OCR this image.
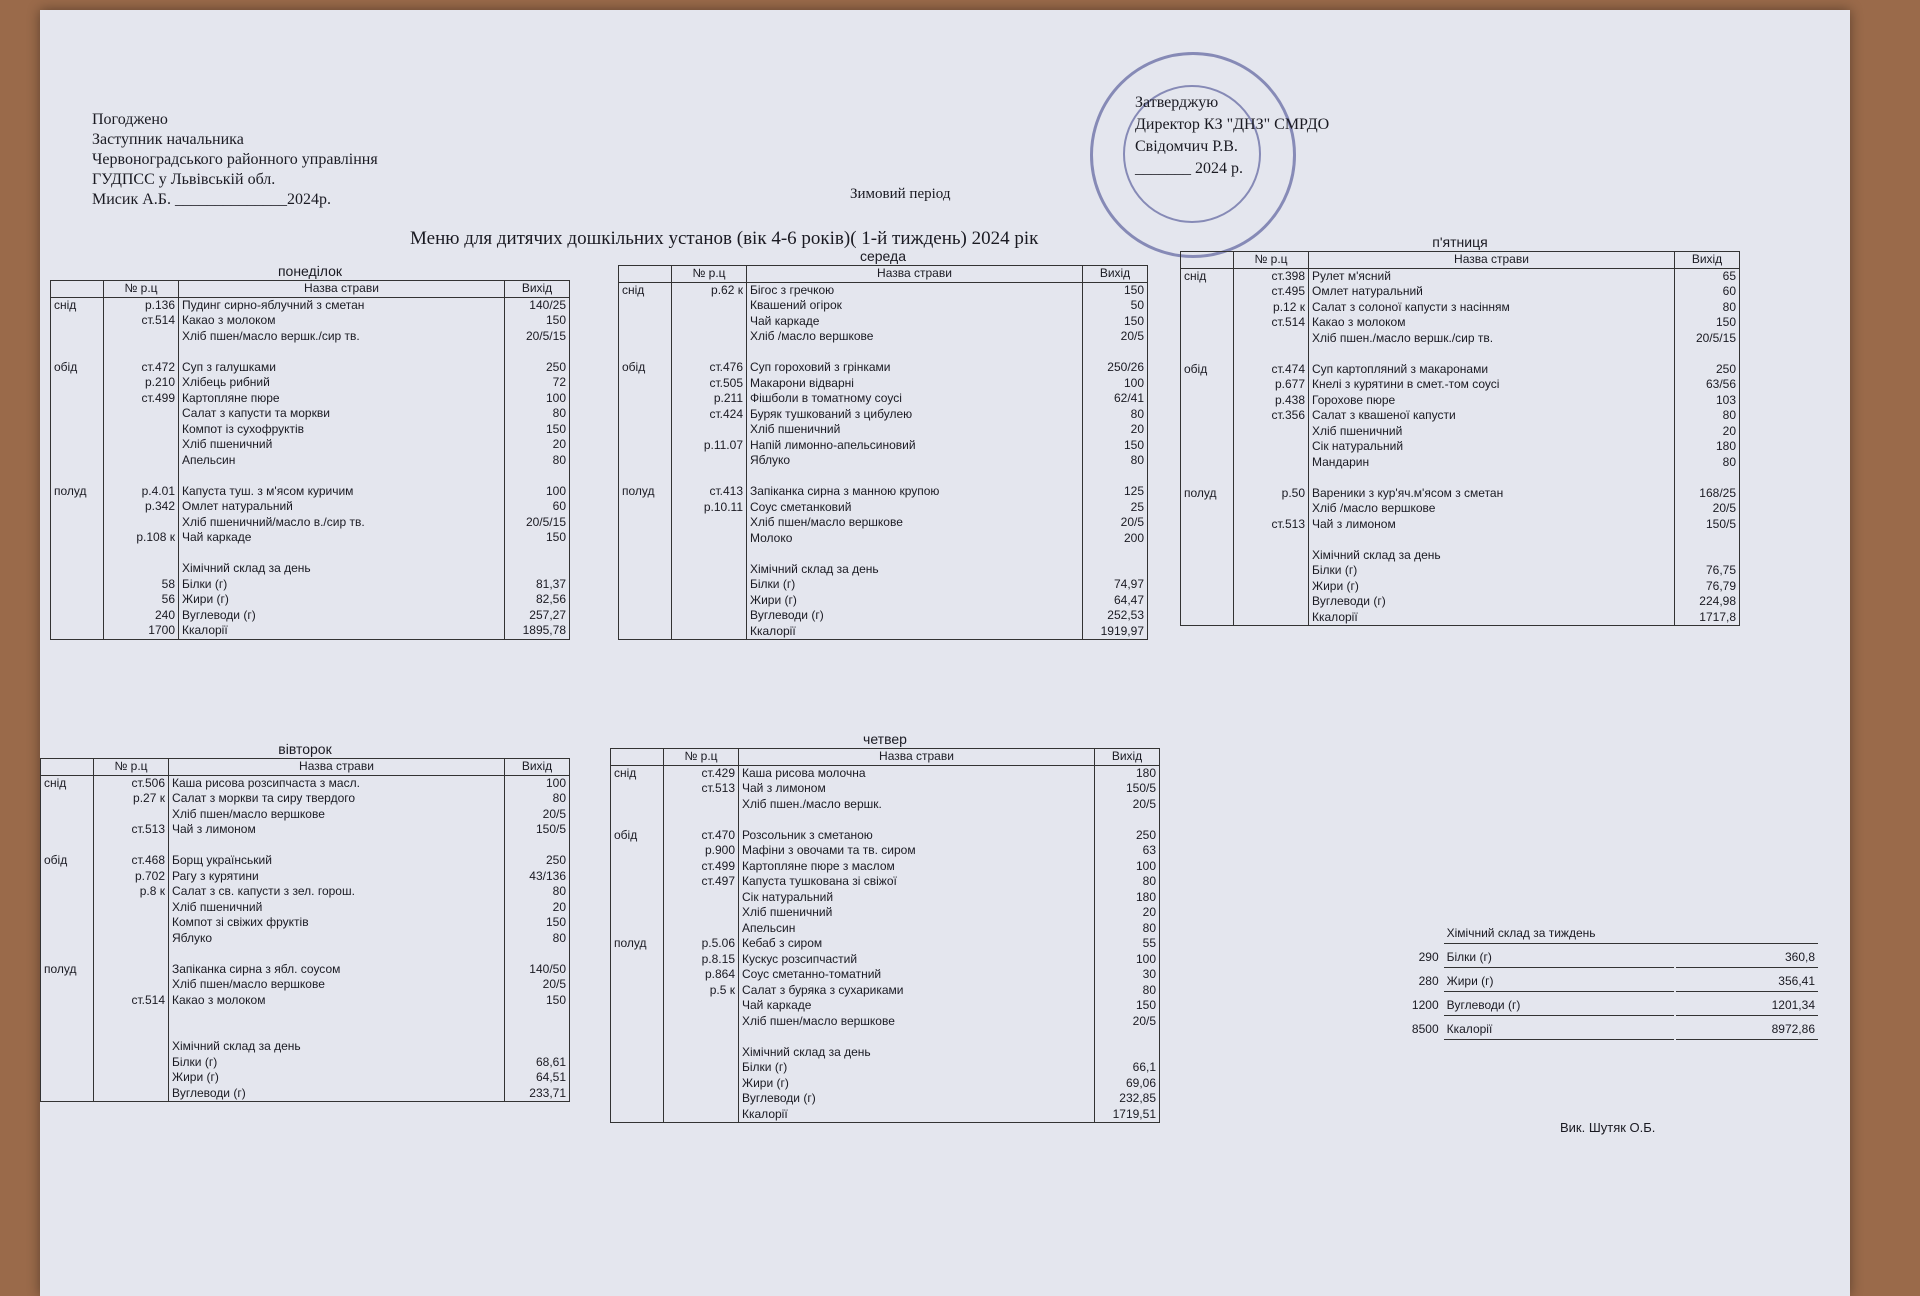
Погоджено
Заступник начальника
Червоноградського районного управління
ГУДПСС у Львівській обл.
Мисик А.Б. ______________2024р.
Затверджую
Директор КЗ "ДНЗ" СМРДО
Свідомчич Р.В.
_______ 2024 р.
Зимовий період
Меню для дитячих дошкільних установ (вік 4-6 років)( 1-й тиждень) 2024 рік
понеділок
	№ р.ц	Назва страви	Вихід
снід	р.136	Пудинг сирно-яблучний з сметан	140/25
	ст.514	Какао з молоком	150
		Хліб пшен/масло вершк./сир тв.	20/5/15

обід	ст.472	Суп з галушками	250
	р.210	Хлібець рибний	72
	ст.499	Картопляне пюре	100
		Салат з капусти та моркви	80
		Компот із сухофруктів	150
		Хліб пшеничний	20
		Апельсин	80

полуд	р.4.01	Капуста туш. з м'ясом куричим	100
	р.342	Омлет натуральний	60
		Хліб пшеничний/масло в./сир тв.	20/5/15
	р.108 к	Чай каркаде	150

		Хімічний склад за день	
	58	Білки (г)	81,37
	56	Жири (г)	82,56
	240	Вуглеводи (г)	257,27
	1700	Ккалорії	1895,78
середа
	№ р.ц	Назва страви	Вихід
снід	р.62 к	Бігос з гречкою	150
		Квашений огірок	50
		Чай каркаде	150
		Хліб /масло вершкове	20/5

обід	ст.476	Суп гороховий з грінками	250/26
	ст.505	Макарони відварні	100
	р.211	Фішболи в томатному соусі	62/41
	ст.424	Буряк тушкований з цибулею	80
		Хліб пшеничний	20
	р.11.07	Напій лимонно-апельсиновий	150
		Яблуко	80

полуд	ст.413	Запіканка сирна з манною крупою	125
	р.10.11	Соус сметанковий	25
		Хліб пшен/масло вершкове	20/5
		Молоко	200

		Хімічний склад за день	
		Білки (г)	74,97
		Жири (г)	64,47
		Вуглеводи (г)	252,53
		Ккалорії	1919,97
п'ятниця
	№ р.ц	Назва страви	Вихід
снід	ст.398	Рулет м'ясний	65
	ст.495	Омлет натуральний	60
	р.12 к	Салат з солоної капусти з насінням	80
	ст.514	Какао з молоком	150
		Хліб пшен./масло вершк./сир тв.	20/5/15

обід	ст.474	Суп картопляний з макаронами	250
	р.677	Кнелі з курятини в смет.-том соусі	63/56
	р.438	Горохове пюре	103
	ст.356	Салат з квашеної капусти	80
		Хліб пшеничний	20
		Сік натуральний	180
		Мандарин	80

полуд	р.50	Вареники з кур'яч.м'ясом з сметан	168/25
		Хліб /масло вершкове	20/5
	ст.513	Чай з лимоном	150/5

		Хімічний склад за день	
		Білки (г)	76,75
		Жири (г)	76,79
		Вуглеводи (г)	224,98
		Ккалорії	1717,8
вівторок
	№ р.ц	Назва страви	Вихід
снід	ст.506	Каша рисова розсипчаста з масл.	100
	р.27 к	Салат з моркви та сиру твердого	80
		Хліб пшен/масло вершкове	20/5
	ст.513	Чай з лимоном	150/5

обід	ст.468	Борщ український	250
	р.702	Рагу з курятини	43/136
	р.8 к	Салат з св. капусти з зел. горош.	80
		Хліб пшеничний	20
		Компот зі свіжих фруктів	150
		Яблуко	80

полуд		Запіканка сирна з ябл. соусом	140/50
		Хліб пшен/масло вершкове	20/5
	ст.514	Какао з молоком	150

		Хімічний склад за день	
		Білки (г)	68,61
		Жири (г)	64,51
		Вуглеводи (г)	233,71
четвер
	№ р.ц	Назва страви	Вихід
снід	ст.429	Каша рисова молочна	180
	ст.513	Чай з лимоном	150/5
		Хліб пшен./масло вершк.	20/5

обід	ст.470	Розсольник з сметаною	250
	р.900	Мафіни з овочами та тв. сиром	63
	ст.499	Картопляне пюре з маслом	100
	ст.497	Капуста тушкована зі свіжої	80
		Сік натуральний	180
		Хліб пшеничний	20
		Апельсин	80
полуд	р.5.06	Кебаб з сиром	55
	р.8.15	Кускус розсипчастий	100
	р.864	Соус сметанно-томатний	30
	р.5 к	Салат з буряка з сухариками	80
		Чай каркаде	150
		Хліб пшен/масло вершкове	20/5

		Хімічний склад за день	
		Білки (г)	66,1
		Жири (г)	69,06
		Вуглеводи (г)	232,85
		Ккалорії	1719,51
	Хімічний склад за тиждень	
290	Білки (г)	360,8
280	Жири (г)	356,41
1200	Вуглеводи (г)	1201,34
8500	Ккалорії	8972,86
Вик. Шутяк О.Б.
